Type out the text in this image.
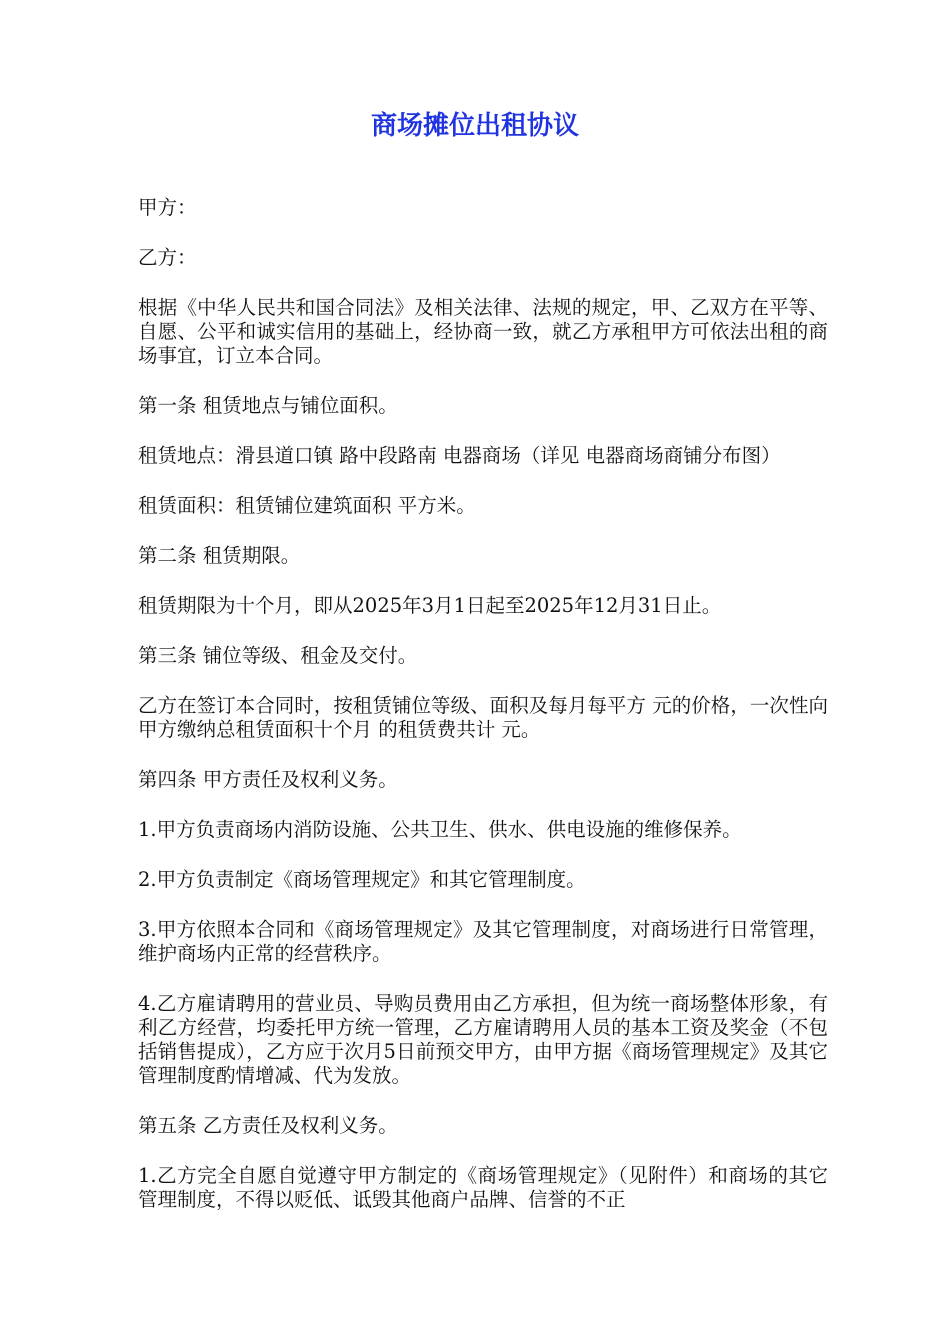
商场摊位出租协议

甲方：

乙方：

根据《中华人民共和国合同法》及相关法律、法规的规定，甲、乙双方在平等、自愿、公平和诚实信用的基础上，经协商一致，就乙方承租甲方可依法出租的商场事宜，订立本合同。

第一条 租赁地点与铺位面积。

租赁地点：滑县道口镇 路中段路南 电器商场（详见 电器商场商铺分布图）

租赁面积：租赁铺位建筑面积 平方米。

第二条 租赁期限。

租赁期限为十个月，即从2025年3月1日起至2025年12月31日止。

第三条 铺位等级、租金及交付。

乙方在签订本合同时，按租赁铺位等级、面积及每月每平方 元的价格，一次性向甲方缴纳总租赁面积十个月 的租赁费共计 元。

第四条 甲方责任及权利义务。

1.甲方负责商场内消防设施、公共卫生、供水、供电设施的维修保养。

2.甲方负责制定《商场管理规定》和其它管理制度。

3.甲方依照本合同和《商场管理规定》及其它管理制度，对商场进行日常管理，维护商场内正常的经营秩序。

4.乙方雇请聘用的营业员、导购员费用由乙方承担，但为统一商场整体形象，有利乙方经营，均委托甲方统一管理，乙方雇请聘用人员的基本工资及奖金（不包括销售提成），乙方应于次月5日前预交甲方，由甲方据《商场管理规定》及其它管理制度酌情增减、代为发放。

第五条 乙方责任及权利义务。

1.乙方完全自愿自觉遵守甲方制定的《商场管理规定》（见附件）和商场的其它管理制度，不得以贬低、诋毁其他商户品牌、信誉的不正
